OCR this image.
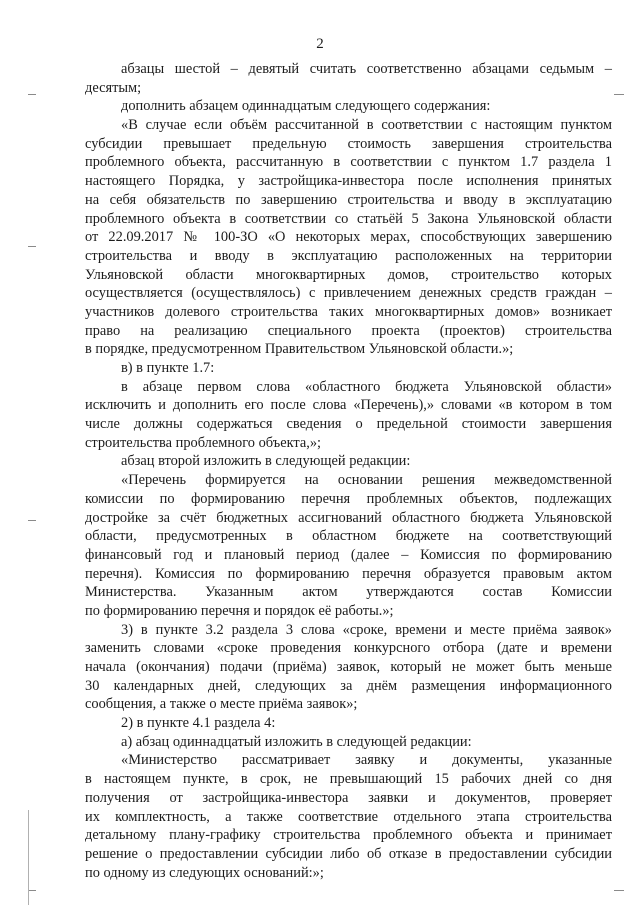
2
абзацы шестой – девятый считать соответственно абзацами седьмым –
десятым;
дополнить абзацем одиннадцатым следующего содержания:
«В случае если объём рассчитанной в соответствии с настоящим пунктом
субсидии превышает предельную стоимость завершения строительства
проблемного объекта, рассчитанную в соответствии с пунктом 1.7 раздела 1
настоящего Порядка, у застройщика-инвестора после исполнения принятых
на себя обязательств по завершению строительства и вводу в эксплуатацию
проблемного объекта в соответствии со статьёй 5 Закона Ульяновской области
от 22.09.2017 № 100-ЗО «О некоторых мерах, способствующих завершению
строительства и вводу в эксплуатацию расположенных на территории
Ульяновской области многоквартирных домов, строительство которых
осуществляется (осуществлялось) с привлечением денежных средств граждан –
участников долевого строительства таких многоквартирных домов» возникает
право на реализацию специального проекта (проектов) строительства
в порядке, предусмотренном Правительством Ульяновской области.»;
в) в пункте 1.7:
в абзаце первом слова «областного бюджета Ульяновской области»
исключить и дополнить его после слова «Перечень),» словами «в котором в том
числе должны содержаться сведения о предельной стоимости завершения
строительства проблемного объекта,»;
абзац второй изложить в следующей редакции:
«Перечень формируется на основании решения межведомственной
комиссии по формированию перечня проблемных объектов, подлежащих
достройке за счёт бюджетных ассигнований областного бюджета Ульяновской
области, предусмотренных в областном бюджете на соответствующий
финансовый год и плановый период (далее – Комиссия по формированию
перечня). Комиссия по формированию перечня образуется правовым актом
Министерства. Указанным актом утверждаются состав Комиссии
по формированию перечня и порядок её работы.»;
3) в пункте 3.2 раздела 3 слова «сроке, времени и месте приёма заявок»
заменить словами «сроке проведения конкурсного отбора (дате и времени
начала (окончания) подачи (приёма) заявок, который не может быть меньше
30 календарных дней, следующих за днём размещения информационного
сообщения, а также о месте приёма заявок»;
2) в пункте 4.1 раздела 4:
а) абзац одиннадцатый изложить в следующей редакции:
«Министерство рассматривает заявку и документы, указанные
в настоящем пункте, в срок, не превышающий 15 рабочих дней со дня
получения от застройщика-инвестора заявки и документов, проверяет
их комплектность, а также соответствие отдельного этапа строительства
детальному плану-графику строительства проблемного объекта и принимает
решение о предоставлении субсидии либо об отказе в предоставлении субсидии
по одному из следующих оснований:»;
